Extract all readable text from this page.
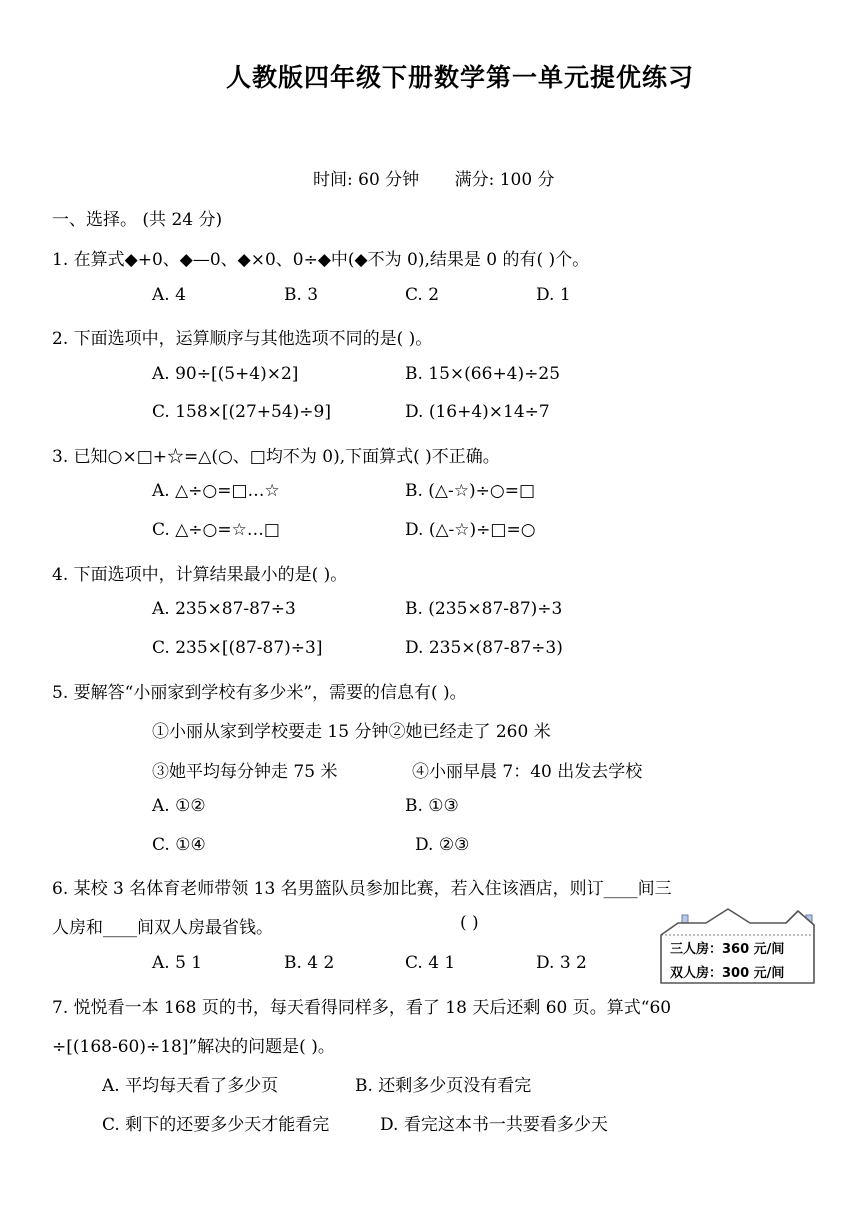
人教版四年级下册数学第一单元提优练习
时间: 60 分钟 满分: 100 分
一、选择。 (共 24 分)
1. 在算式◆+0、◆—0、◆×0、0÷◆中(◆不为 0),结果是 0 的有( )个。
A. 4	B. 3	C. 2	D. 1
2. 下面选项中，运算顺序与其他选项不同的是( )。
A. 90÷[(5+4)×2]	B. 15×(66+4)÷25
C. 158×[(27+54)÷9]	D. (16+4)×14÷7
3. 已知○×□+☆=△(○、□均不为 0),下面算式( )不正确。
A. △÷○=□…☆	B. (△-☆)÷○=□
C. △÷○=☆…□	D. (△-☆)÷□=○
4. 下面选项中，计算结果最小的是( )。
A. 235×87-87÷3	B. (235×87-87)÷3
C. 235×[(87-87)÷3]	D. 235×(87-87÷3)
5. 要解答“小丽家到学校有多少米”，需要的信息有( )。
①小丽从家到学校要走 15 分钟②她已经走了 260 米
③她平均每分钟走 75 米	④小丽早晨 7：40 出发去学校
A. ①②	B. ①③
C. ①④	D. ②③
6. 某校 3 名体育老师带领 13 名男篮队员参加比赛，若入住该酒店，则订____间三
人房和____间双人房最省钱。	( )
A. 5 1	B. 4 2	C. 4 1	D. 3 2
三人房：360 元/间
双人房：300 元/间
7. 悦悦看一本 168 页的书，每天看得同样多，看了 18 天后还剩 60 页。算式“60
÷[(168-60)÷18]”解决的问题是( )。
A. 平均每天看了多少页	B. 还剩多少页没有看完
C. 剩下的还要多少天才能看完	D. 看完这本书一共要看多少天
